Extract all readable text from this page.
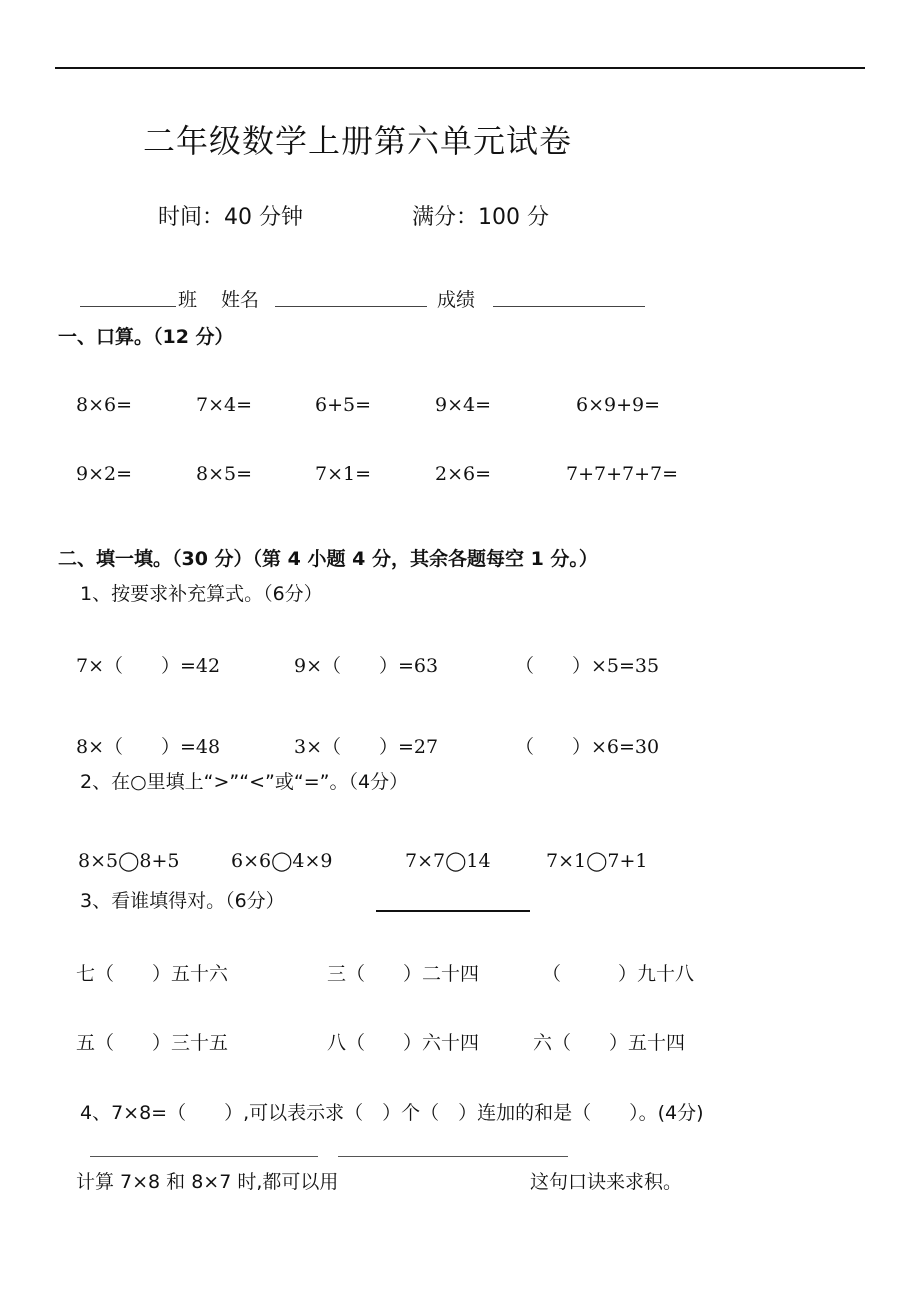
二年级数学上册第六单元试卷
时间：40 分钟	满分：100 分
班 姓名	成绩
一、口算。（12 分）
8×6=	7×4=	6+5=	9×4=	6×9+9=
9×2=	8×5=	7×1=	2×6=	7+7+7+7=
二、填一填。（30 分）（第 4 小题 4 分，其余各题每空 1 分。）
1、按要求补充算式。（6分）
7×（　　）=42	9×（　　）=63	（　　）×5=35
8×（　　）=48	3×（　　）=27	（　　）×6=30
2、在○里填上“>”“<”或“=”。（4分）
8×5◯8+5	6×6◯4×9	7×7◯14	7×1◯7+1
3、看谁填得对。（6分）
七（　　）五十六	三（　　）二十四	（　　　）九十八
五（　　）三十五	八（　　）六十四	六（　　）五十四
4、7×8=（　　）,可以表示求（　）个（　）连加的和是（　　）。(4分)
计算 7×8 和 8×7 时,都可以用	这句口诀来求积。
